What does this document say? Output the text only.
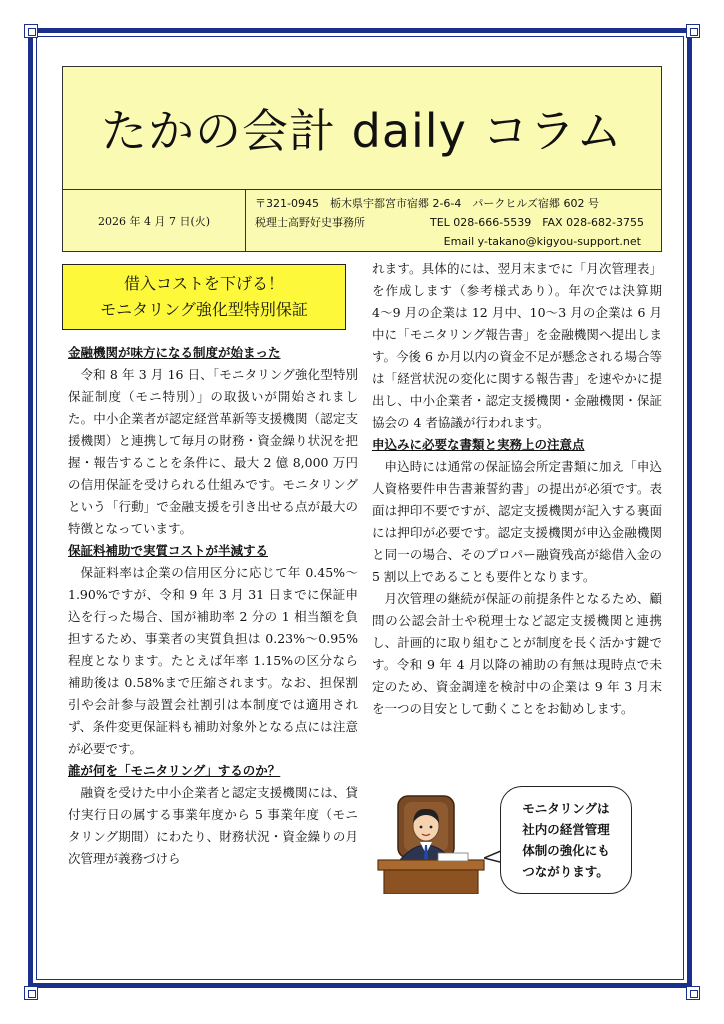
たかの会計 daily コラム
2026 年 4 月 7 日(火)
〒321-0945　栃木県宇都宮市宿郷 2-6-4　パークヒルズ宿郷 602 号
税理士高野好史事務所	TEL 028-666-5539　FAX 028-682-3755
Email y-takano@kigyou-support.net
借入コストを下げる！
モニタリング強化型特別保証
金融機関が味方になる制度が始まった

令和 8 年 3 月 16 日、「モニタリング強化型特別保証制度（モニ特別）」の取扱いが開始されました。中小企業者が認定経営革新等支援機関（認定支援機関）と連携して毎月の財務・資金繰り状況を把握・報告することを条件に、最大 2 億 8,000 万円の信用保証を受けられる仕組みです。モニタリングという「行動」で金融支援を引き出せる点が最大の特徴となっています。

保証料補助で実質コストが半減する

保証料率は企業の信用区分に応じて年 0.45%〜1.90%ですが、令和 9 年 3 月 31 日までに保証申込を行った場合、国が補助率 2 分の 1 相当額を負担するため、事業者の実質負担は 0.23%〜0.95%程度となります。たとえば年率 1.15%の区分なら補助後は 0.58%まで圧縮されます。なお、担保割引や会計参与設置会社割引は本制度では適用されず、条件変更保証料も補助対象外となる点には注意が必要です。

誰が何を「モニタリング」するのか？

融資を受けた中小企業者と認定支援機関には、貸付実行日の属する事業年度から 5 事業年度（モニタリング期間）にわたり、財務状況・資金繰りの月次管理が義務づけら

れます。具体的には、翌月末までに「月次管理表」を作成します（参考様式あり）。年次では決算期 4〜9 月の企業は 12 月中、10〜3 月の企業は 6 月中に「モニタリング報告書」を金融機関へ提出します。今後 6 か月以内の資金不足が懸念される場合等は「経営状況の変化に関する報告書」を速やかに提出し、中小企業者・認定支援機関・金融機関・保証協会の 4 者協議が行われます。

申込みに必要な書類と実務上の注意点

申込時には通常の保証協会所定書類に加え「申込人資格要件申告書兼誓約書」の提出が必須です。表面は押印不要ですが、認定支援機関が記入する裏面には押印が必要です。認定支援機関が申込金融機関と同一の場合、そのプロパー融資残高が総借入金の 5 割以上であることも要件となります。

月次管理の継続が保証の前提条件となるため、顧問の公認会計士や税理士など認定支援機関と連携し、計画的に取り組むことが制度を長く活かす鍵です。令和 9 年 4 月以降の補助の有無は現時点で未定のため、資金調達を検討中の企業は 9 年 3 月末を一つの目安として動くことをお勧めします。

モニタリングは
社内の経営管理
体制の強化にも
つながります。
